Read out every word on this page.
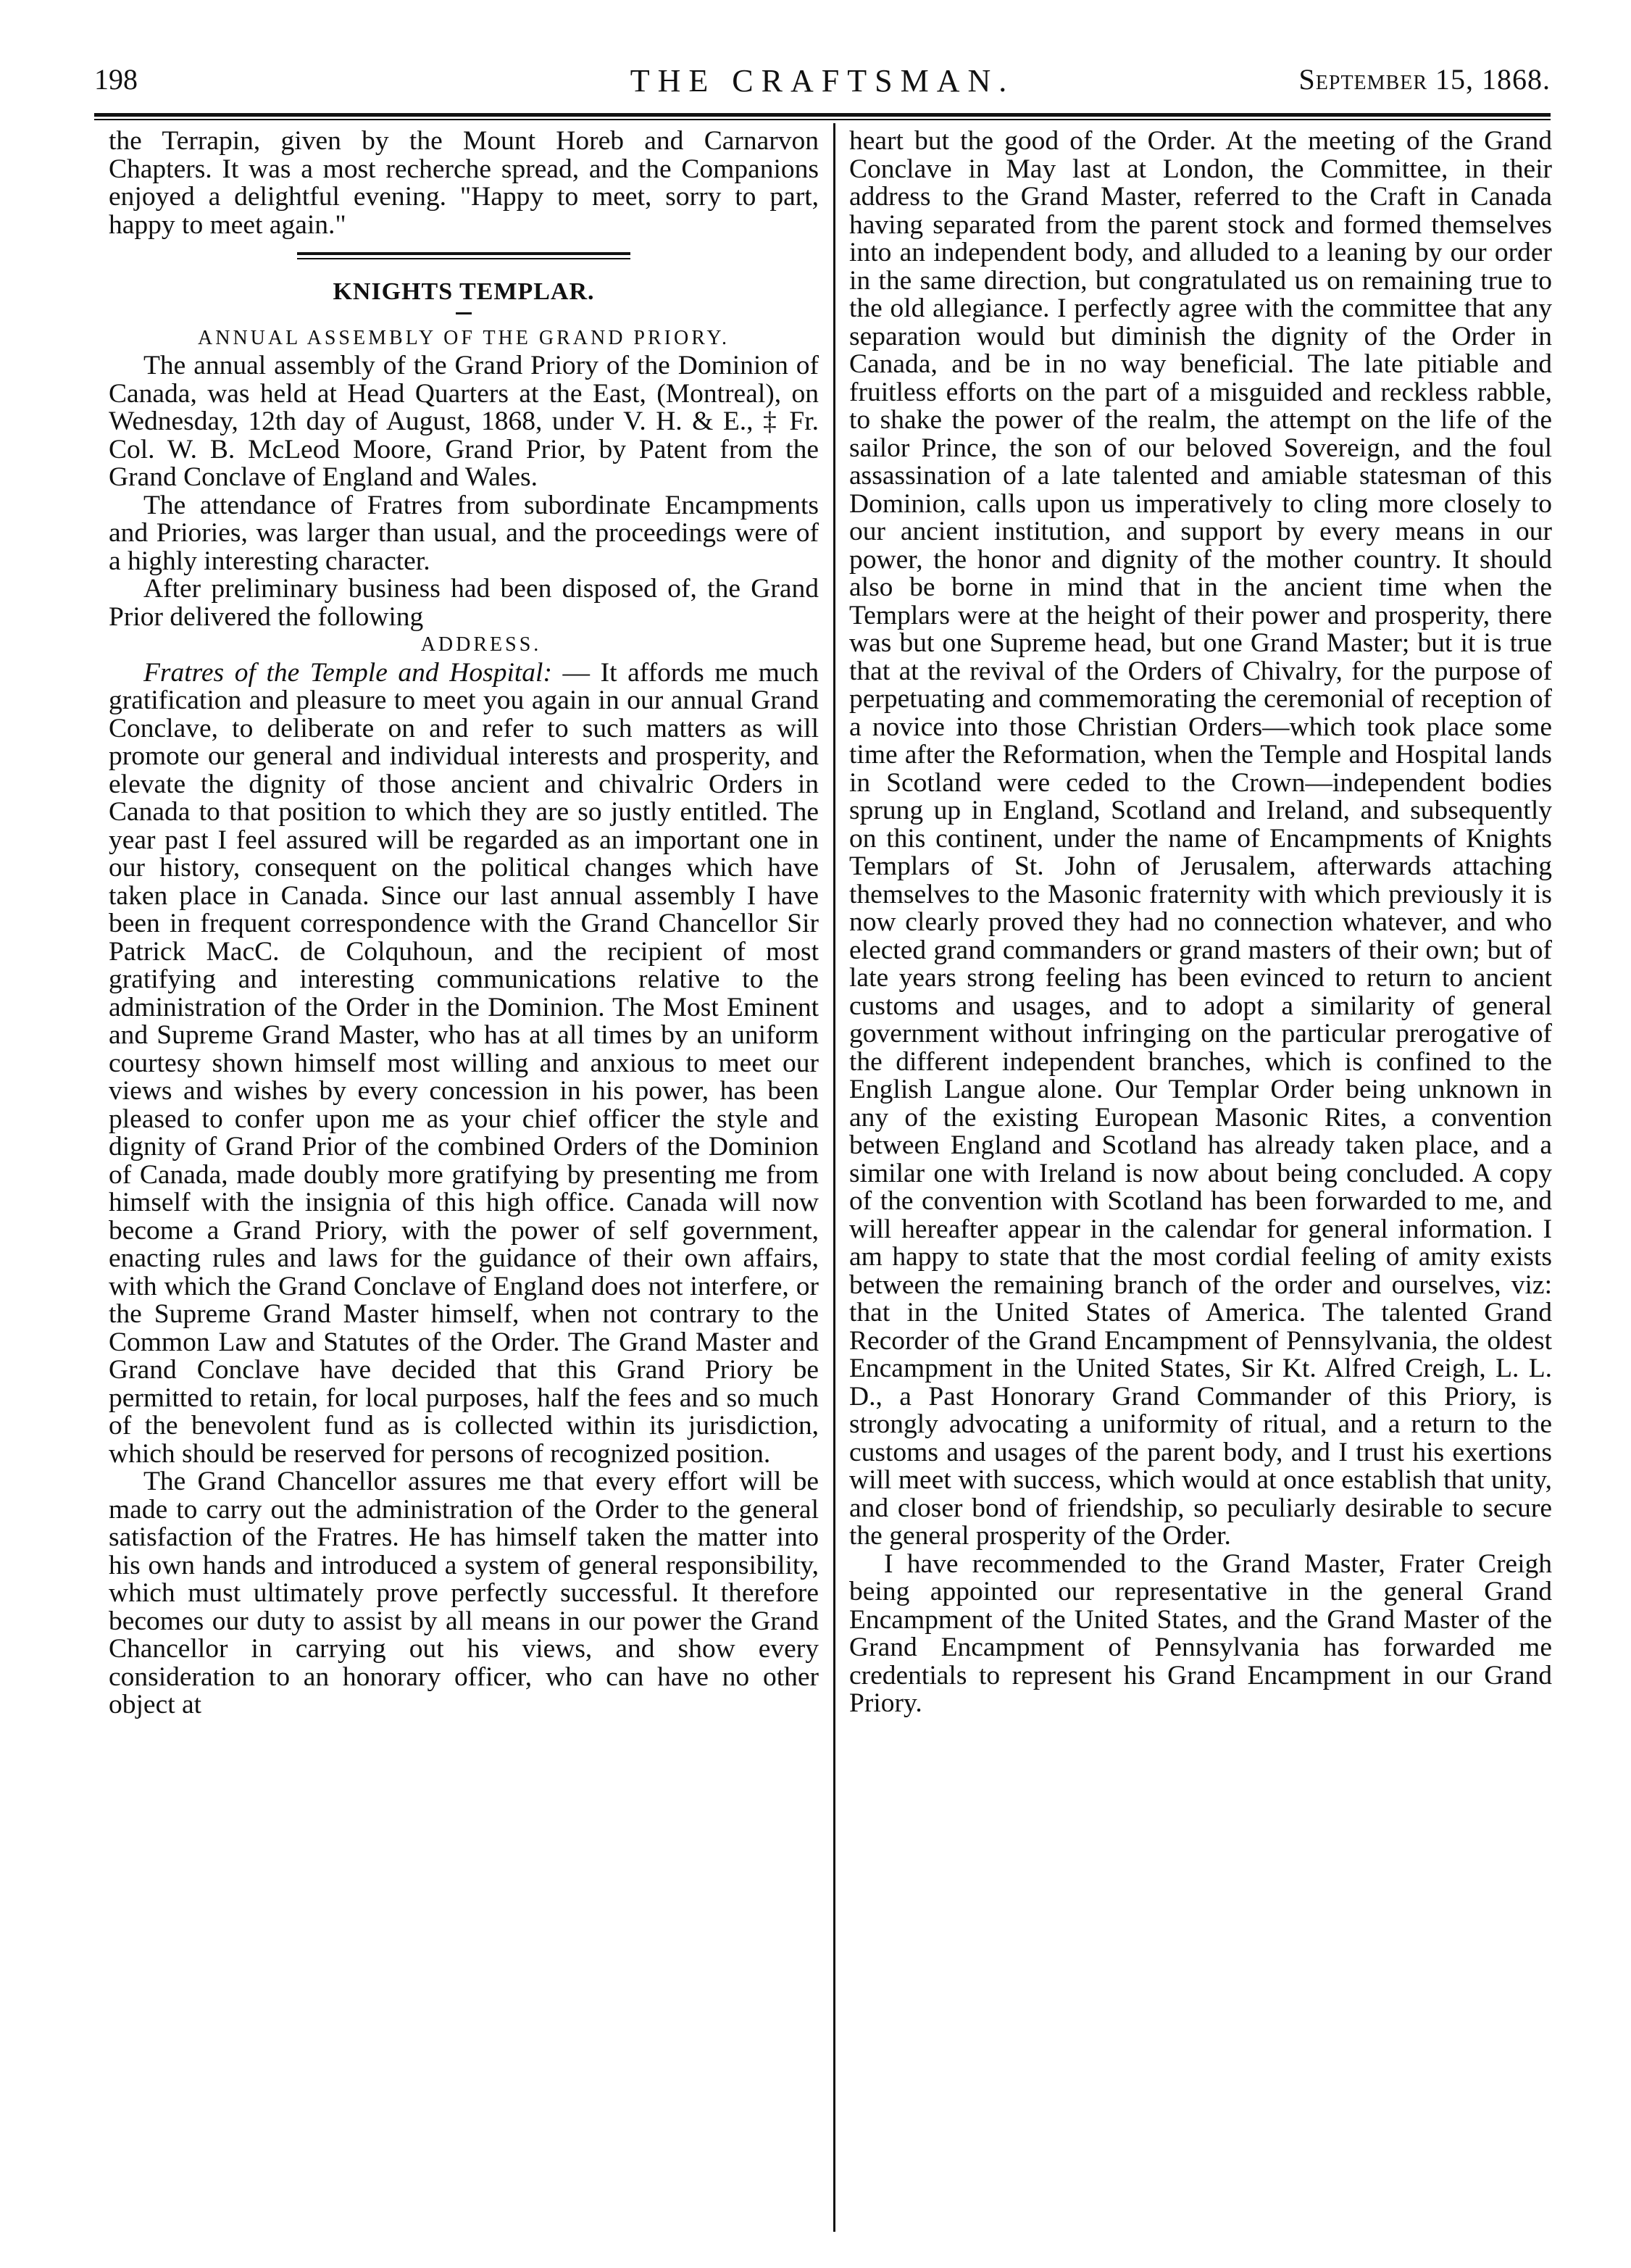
198	THE CRAFTSMAN.	September 15, 1868.

the Terrapin, given by the Mount Horeb and Carnarvon Chapters. It was a most recherche spread, and the Companions enjoyed a delightful evening. "Happy to meet, sorry to part, happy to meet again."

KNIGHTS TEMPLAR.

ANNUAL ASSEMBLY OF THE GRAND PRIORY.

The annual assembly of the Grand Priory of the Dominion of Canada, was held at Head Quarters at the East, (Montreal), on Wednesday, 12th day of August, 1868, under V. H. & E., ‡ Fr. Col. W. B. McLeod Moore, Grand Prior, by Patent from the Grand Conclave of England and Wales.

The attendance of Fratres from subordinate Encampments and Priories, was larger than usual, and the proceedings were of a highly interesting character.

After preliminary business had been disposed of, the Grand Prior delivered the following

ADDRESS.

Fratres of the Temple and Hospital: — It affords me much gratification and pleasure to meet you again in our annual Grand Conclave, to deliberate on and refer to such matters as will promote our general and individual interests and prosperity, and elevate the dignity of those ancient and chivalric Orders in Canada to that position to which they are so justly entitled. The year past I feel assured will be regarded as an important one in our history, consequent on the political changes which have taken place in Canada. Since our last annual assembly I have been in frequent correspondence with the Grand Chancellor Sir Patrick MacC. de Colquhoun, and the recipient of most gratifying and interesting communications relative to the administration of the Order in the Dominion. The Most Eminent and Supreme Grand Master, who has at all times by an uniform courtesy shown himself most willing and anxious to meet our views and wishes by every concession in his power, has been pleased to confer upon me as your chief officer the style and dignity of Grand Prior of the combined Orders of the Dominion of Canada, made doubly more gratifying by presenting me from himself with the insignia of this high office. Canada will now become a Grand Priory, with the power of self government, enacting rules and laws for the guidance of their own affairs, with which the Grand Conclave of England does not interfere, or the Supreme Grand Master himself, when not contrary to the Common Law and Statutes of the Order. The Grand Master and Grand Conclave have decided that this Grand Priory be permitted to retain, for local purposes, half the fees and so much of the benevolent fund as is collected within its jurisdiction, which should be reserved for persons of recognized position.

The Grand Chancellor assures me that every effort will be made to carry out the administration of the Order to the general satisfaction of the Fratres. He has himself taken the matter into his own hands and introduced a system of general responsibility, which must ultimately prove perfectly successful. It therefore becomes our duty to assist by all means in our power the Grand Chancellor in carrying out his views, and show every consideration to an honorary officer, who can have no other object at

heart but the good of the Order. At the meeting of the Grand Conclave in May last at London, the Committee, in their address to the Grand Master, referred to the Craft in Canada having separated from the parent stock and formed themselves into an independent body, and alluded to a leaning by our order in the same direction, but congratulated us on remaining true to the old allegiance. I perfectly agree with the committee that any separation would but diminish the dignity of the Order in Canada, and be in no way beneficial. The late pitiable and fruitless efforts on the part of a misguided and reckless rabble, to shake the power of the realm, the attempt on the life of the sailor Prince, the son of our beloved Sovereign, and the foul assassination of a late talented and amiable statesman of this Dominion, calls upon us imperatively to cling more closely to our ancient institution, and support by every means in our power, the honor and dignity of the mother country. It should also be borne in mind that in the ancient time when the Templars were at the height of their power and prosperity, there was but one Supreme head, but one Grand Master; but it is true that at the revival of the Orders of Chivalry, for the purpose of perpetuating and commemorating the ceremonial of reception of a novice into those Christian Orders—which took place some time after the Reformation, when the Temple and Hospital lands in Scotland were ceded to the Crown—independent bodies sprung up in England, Scotland and Ireland, and subsequently on this continent, under the name of Encampments of Knights Templars of St. John of Jerusalem, afterwards attaching themselves to the Masonic fraternity with which previously it is now clearly proved they had no connection whatever, and who elected grand commanders or grand masters of their own; but of late years strong feeling has been evinced to return to ancient customs and usages, and to adopt a similarity of general government without infringing on the particular prerogative of the different independent branches, which is confined to the English Langue alone. Our Templar Order being unknown in any of the existing European Masonic Rites, a convention between England and Scotland has already taken place, and a similar one with Ireland is now about being concluded. A copy of the convention with Scotland has been forwarded to me, and will hereafter appear in the calendar for general information. I am happy to state that the most cordial feeling of amity exists between the remaining branch of the order and ourselves, viz: that in the United States of America. The talented Grand Recorder of the Grand Encampment of Pennsylvania, the oldest Encampment in the United States, Sir Kt. Alfred Creigh, L. L. D., a Past Honorary Grand Commander of this Priory, is strongly advocating a uniformity of ritual, and a return to the customs and usages of the parent body, and I trust his exertions will meet with success, which would at once establish that unity, and closer bond of friendship, so peculiarly desirable to secure the general prosperity of the Order.

I have recommended to the Grand Master, Frater Creigh being appointed our representative in the general Grand Encampment of the United States, and the Grand Master of the Grand Encampment of Pennsylvania has forwarded me credentials to represent his Grand Encampment in our Grand Priory.
